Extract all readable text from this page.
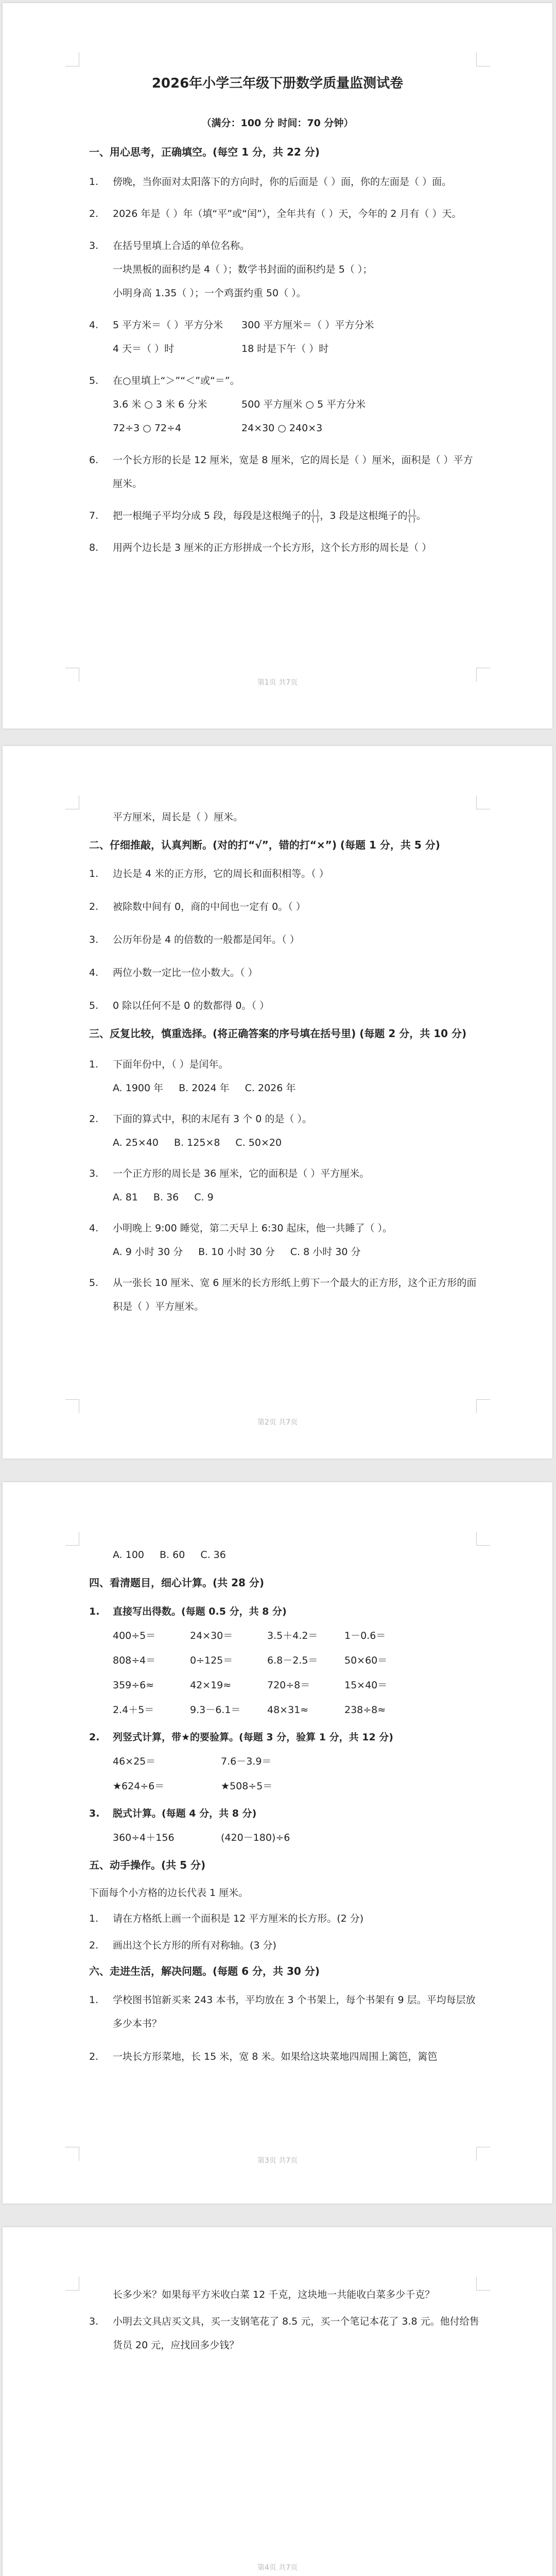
2026年小学三年级下册数学质量监测试卷
（满分：100 分 时间：70 分钟）
一、用心思考，正确填空。(每空 1 分，共 22 分)
1. 傍晚，当你面对太阳落下的方向时，你的后面是（ ）面，你的左面是（ ）面。
2. 2026 年是（ ）年（填“平”或“闰”），全年共有（ ）天，今年的 2 月有（ ）天。
3. 在括号里填上合适的单位名称。
一块黑板的面积约是 4（ ）；数学书封面的面积约是 5（ ）；
小明身高 1.35（ ）；一个鸡蛋约重 50（ ）。
4. 5 平方米＝（ ）平方分米 300 平方厘米＝（ ）平方分米
4 天＝（ ）时	18 时是下午（ ）时
5. 在○里填上“＞”“＜”或“＝”。
3.6 米 ○ 3 米 6 分米	500 平方厘米 ○ 5 平方分米
72÷3 ○ 72÷4	24×30 ○ 240×3
6. 一个长方形的长是 12 厘米，宽是 8 厘米，它的周长是（ ）厘米，面积是（ ）平方厘米。
7. 把一根绳子平均分成 5 段，每段是这根绳子的 $\frac{( )}{( )}$ ，3 段是这根绳子的 $\frac{( )}{( )}$ 。
8. 用两个边长是 3 厘米的正方形拼成一个长方形，这个长方形的周长是（ ）
第1页 共7页
平方厘米，周长是（ ）厘米。
二、仔细推敲，认真判断。(对的打“√”，错的打“×”) (每题 1 分，共 5 分)
1. 边长是 4 米的正方形，它的周长和面积相等。（ ）
2. 被除数中间有 0，商的中间也一定有 0。（ ）
3. 公历年份是 4 的倍数的一般都是闰年。（ ）
4. 两位小数一定比一位小数大。（ ）
5. 0 除以任何不是 0 的数都得 0。（ ）
三、反复比较，慎重选择。(将正确答案的序号填在括号里) (每题 2 分，共 10 分)
1. 下面年份中，（ ）是闰年。
A. 1900 年 B. 2024 年 C. 2026 年
2. 下面的算式中，积的末尾有 3 个 0 的是（ ）。
A. 25×40 B. 125×8 C. 50×20
3. 一个正方形的周长是 36 厘米，它的面积是（ ）平方厘米。
A. 81 B. 36 C. 9
4. 小明晚上 9:00 睡觉，第二天早上 6:30 起床，他一共睡了（ ）。
A. 9 小时 30 分 B. 10 小时 30 分 C. 8 小时 30 分
5. 从一张长 10 厘米、宽 6 厘米的长方形纸上剪下一个最大的正方形，这个正方形的面积是（ ）平方厘米。
第2页 共7页
A. 100 B. 60 C. 36
四、看清题目，细心计算。(共 28 分)
1. 直接写出得数。(每题 0.5 分，共 8 分)
400÷5＝	24×30＝	3.5＋4.2＝	1－0.6＝
808÷4＝	0÷125＝	6.8－2.5＝	50×60＝
359÷6≈	42×19≈	720÷8＝	15×40＝
2.4＋5＝	9.3－6.1＝	48×31≈	238÷8≈
2. 列竖式计算，带★的要验算。(每题 3 分，验算 1 分，共 12 分)
46×25＝	7.6－3.9＝
★624÷6＝	★508÷5＝
3. 脱式计算。(每题 4 分，共 8 分)
360÷4＋156	(420－180)÷6
五、动手操作。(共 5 分)
下面每个小方格的边长代表 1 厘米。
1. 请在方格纸上画一个面积是 12 平方厘米的长方形。(2 分)
2. 画出这个长方形的所有对称轴。(3 分)
六、走进生活，解决问题。(每题 6 分，共 30 分)
1. 学校图书馆新买来 243 本书，平均放在 3 个书架上，每个书架有 9 层。平均每层放多少本书？
2. 一块长方形菜地，长 15 米，宽 8 米。如果给这块菜地四周围上篱笆，篱笆
第3页 共7页
长多少米？如果每平方米收白菜 12 千克，这块地一共能收白菜多少千克？
3. 小明去文具店买文具，买一支钢笔花了 8.5 元，买一个笔记本花了 3.8 元。他付给售货员 20 元，应找回多少钱？
第4页 共7页
